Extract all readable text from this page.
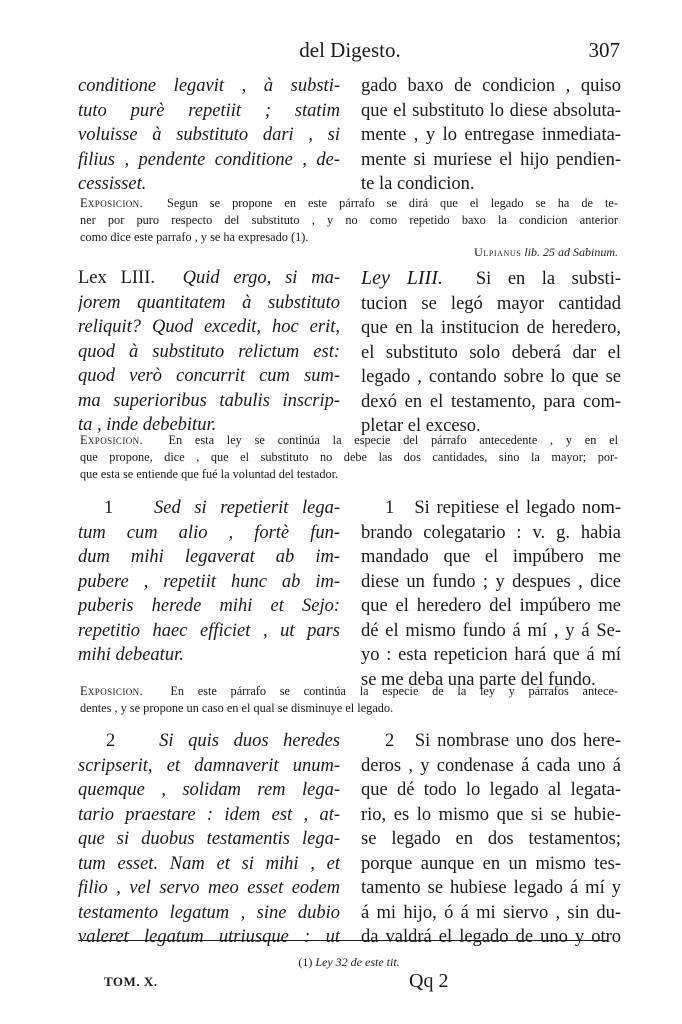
del Digesto.	307
conditione legavit , à substi-
tuto purè repetiit ; statim
voluisse à substituto dari , si
filius , pendente conditione , de-
cessisset.
gado baxo de condicion , quiso
que el substituto lo diese absoluta-
mente , y lo entregase inmediata-
mente si muriese el hijo pendien-
te la condicion.
Exposicion. Segun se propone en este párrafo se dirá que el legado se ha de te-
ner por puro respecto del substituto , y no como repetido baxo la condicion anterior
como dice este parrafo , y se ha expresado (1).
Ulpianus lib. 25 ad Sabinum.
Lex LIII. Quid ergo, si ma-
jorem quantitatem à substituto
reliquit? Quod excedit, hoc erit,
quod à substituto relictum est:
quod verò concurrit cum sum-
ma superioribus tabulis inscrip-
ta , inde debebitur.
Ley LIII. Si en la substi-
tucion se legó mayor cantidad
que en la institucion de heredero,
el substituto solo deberá dar el
legado , contando sobre lo que se
dexó en el testamento, para com-
pletar el exceso.
Exposicion. En esta ley se continúa la especie del párrafo antecedente , y en el
que propone, dice , que el substituto no debe las dos cantidades, sino la mayor; por-
que esta se entiende que fué la voluntad del testador.
1 Sed si repetierit lega-
tum cum alio , fortè fun-
dum mihi legaverat ab im-
pubere , repetiit hunc ab im-
puberis herede mihi et Sejo:
repetitio haec efficiet , ut pars
mihi debeatur.
1 Si repitiese el legado nom-
brando colegatario : v. g. habia
mandado que el impúbero me
diese un fundo ; y despues , dice
que el heredero del impúbero me
dé el mismo fundo á mí , y á Se-
yo : esta repeticion hará que á mí
se me deba una parte del fundo.
Exposicion. En este párrafo se continúa la especie de la ley y párrafos antece-
dentes , y se propone un caso en el qual se disminuye el legado.
2 Si quis duos heredes
scripserit, et damnaverit unum-
quemque , solidam rem lega-
tario praestare : idem est , at-
que si duobus testamentis lega-
tum esset. Nam et si mihi , et
filio , vel servo meo esset eodem
testamento legatum , sine dubio
valeret legatum utriusque : ut
2 Si nombrase uno dos here-
deros , y condenase á cada uno á
que dé todo lo legado al legata-
rio, es lo mismo que si se hubie-
se legado en dos testamentos;
porque aunque en un mismo tes-
tamento se hubiese legado á mí y
á mi hijo, ó á mi siervo , sin du-
da valdrá el legado de uno y otro
(1) Ley 32 de este tit.
TOM. X.	Qq 2
